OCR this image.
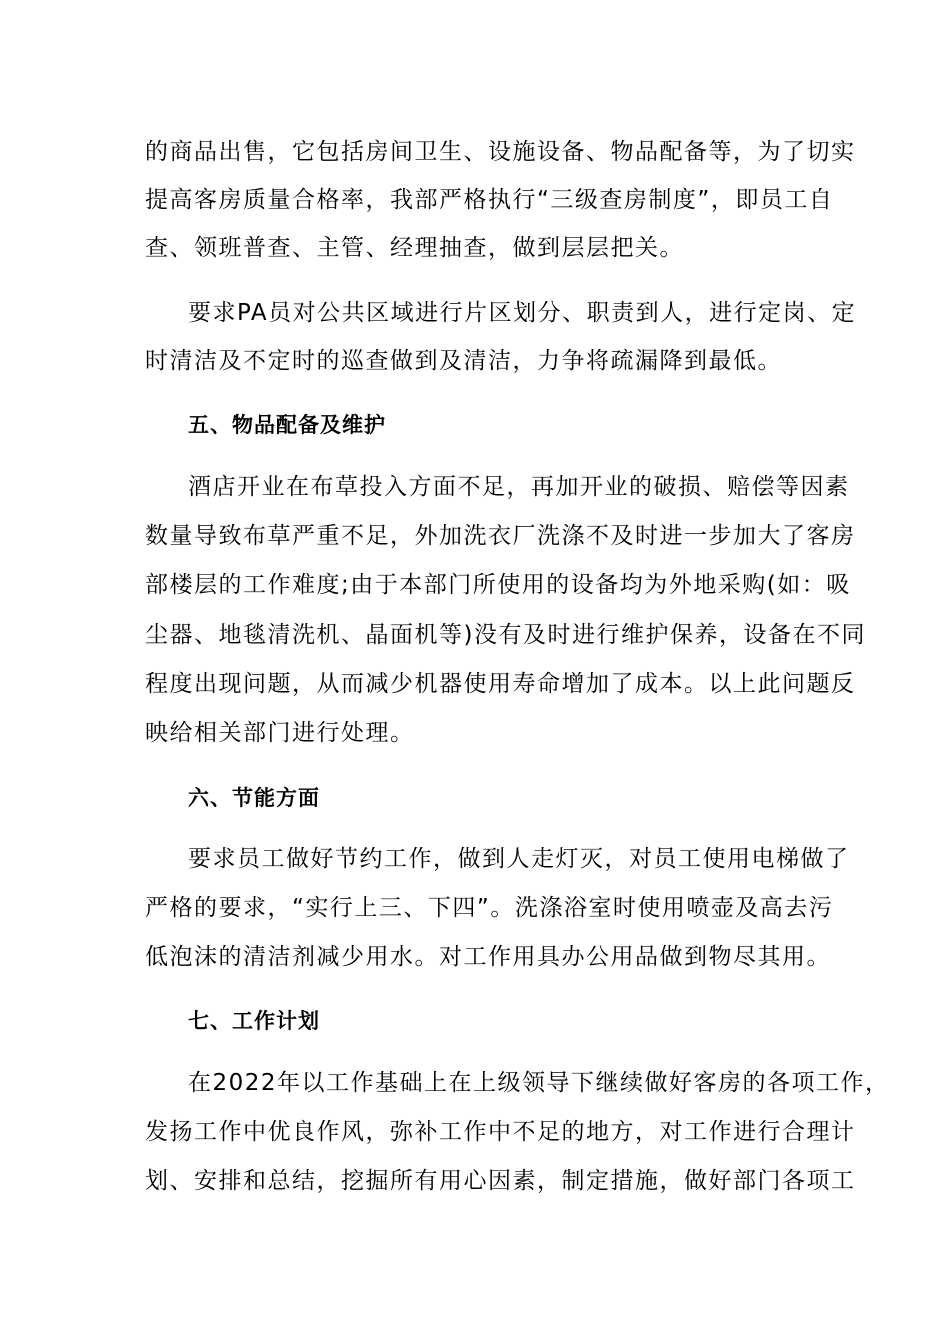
的商品出售，它包括房间卫生、设施设备、物品配备等，为了切实
提高客房质量合格率，我部严格执行“三级查房制度”，即员工自
查、领班普查、主管、经理抽查，做到层层把关。
要求PA员对公共区域进行片区划分、职责到人，进行定岗、定
时清洁及不定时的巡查做到及清洁，力争将疏漏降到最低。
五、物品配备及维护
酒店开业在布草投入方面不足，再加开业的破损、赔偿等因素
数量导致布草严重不足，外加洗衣厂洗涤不及时进一步加大了客房
部楼层的工作难度;由于本部门所使用的设备均为外地采购(如：吸
尘器、地毯清洗机、晶面机等)没有及时进行维护保养，设备在不同
程度出现问题，从而减少机器使用寿命增加了成本。以上此问题反
映给相关部门进行处理。
六、节能方面
要求员工做好节约工作，做到人走灯灭，对员工使用电梯做了
严格的要求，“实行上三、下四”。洗涤浴室时使用喷壶及高去污
低泡沫的清洁剂减少用水。对工作用具办公用品做到物尽其用。
七、工作计划
在2022年以工作基础上在上级领导下继续做好客房的各项工作，
发扬工作中优良作风，弥补工作中不足的地方，对工作进行合理计
划、安排和总结，挖掘所有用心因素，制定措施，做好部门各项工
